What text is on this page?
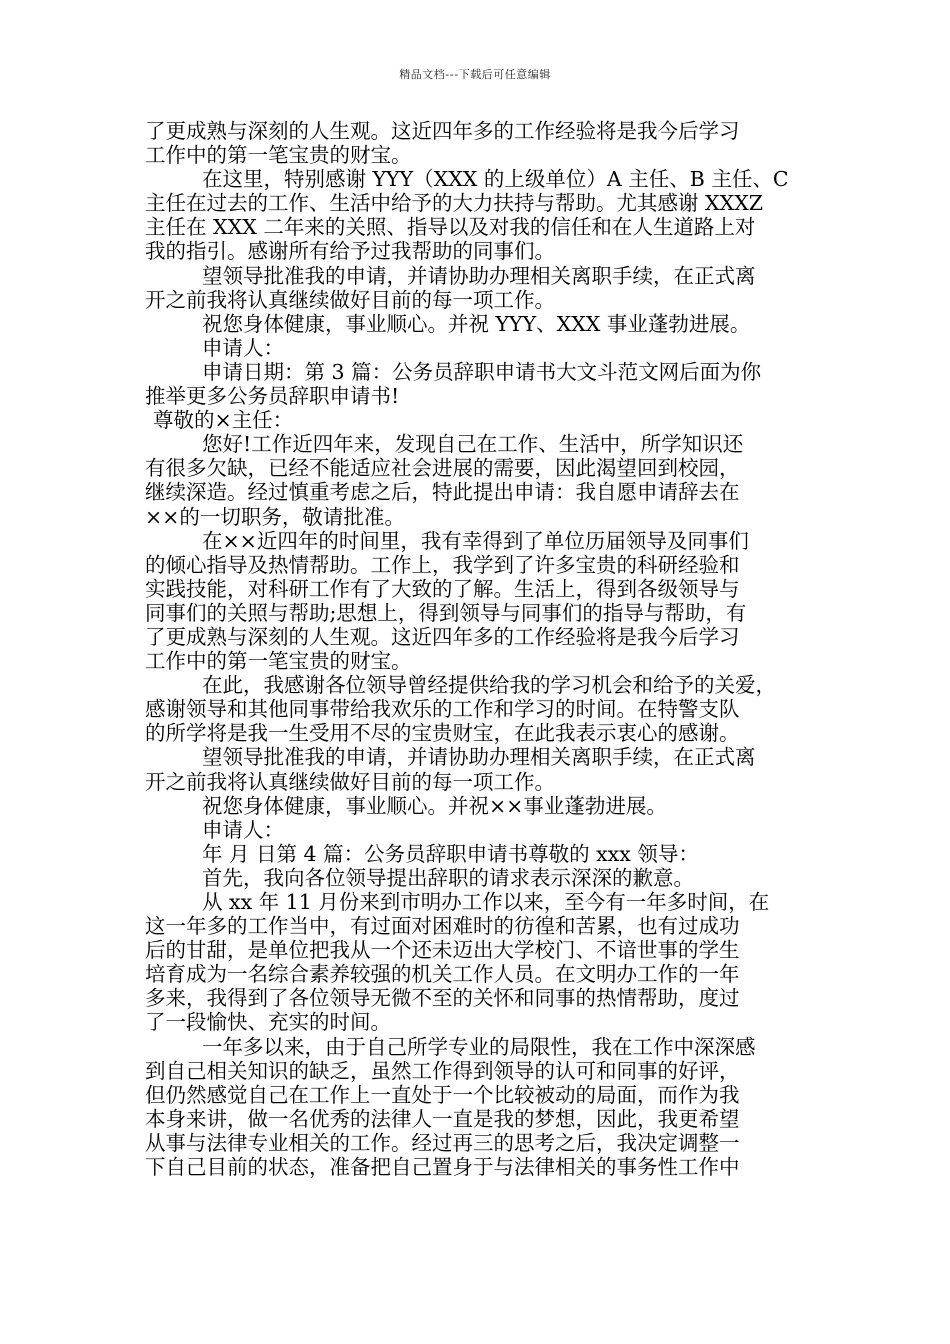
精品文档---下载后可任意编辑
了更成熟与深刻的人生观。这近四年多的工作经验将是我今后学习
工作中的第一笔宝贵的财宝。
在这里，特别感谢 YYY（XXX 的上级单位）A 主任、B 主任、C
主任在过去的工作、生活中给予的大力扶持与帮助。尤其感谢 XXXZ
主任在 XXX 二年来的关照、指导以及对我的信任和在人生道路上对
我的指引。感谢所有给予过我帮助的同事们。
望领导批准我的申请，并请协助办理相关离职手续，在正式离
开之前我将认真继续做好目前的每一项工作。
祝您身体健康，事业顺心。并祝 YYY、XXX 事业蓬勃进展。
申请人：
申请日期：第 3 篇：公务员辞职申请书大文斗范文网后面为你
推举更多公务员辞职申请书!
尊敬的×主任：
您好!工作近四年来，发现自己在工作、生活中，所学知识还
有很多欠缺，已经不能适应社会进展的需要，因此渴望回到校园，
继续深造。经过慎重考虑之后，特此提出申请：我自愿申请辞去在
××的一切职务，敬请批准。
在××近四年的时间里，我有幸得到了单位历届领导及同事们
的倾心指导及热情帮助。工作上，我学到了许多宝贵的科研经验和
实践技能，对科研工作有了大致的了解。生活上，得到各级领导与
同事们的关照与帮助;思想上，得到领导与同事们的指导与帮助，有
了更成熟与深刻的人生观。这近四年多的工作经验将是我今后学习
工作中的第一笔宝贵的财宝。
在此，我感谢各位领导曾经提供给我的学习机会和给予的关爱，
感谢领导和其他同事带给我欢乐的工作和学习的时间。在特警支队
的所学将是我一生受用不尽的宝贵财宝，在此我表示衷心的感谢。
望领导批准我的申请，并请协助办理相关离职手续，在正式离
开之前我将认真继续做好目前的每一项工作。
祝您身体健康，事业顺心。并祝××事业蓬勃进展。
申请人：
年 月 日第 4 篇：公务员辞职申请书尊敬的 xxx 领导：
首先，我向各位领导提出辞职的请求表示深深的歉意。
从 xx 年 11 月份来到市明办工作以来，至今有一年多时间，在
这一年多的工作当中，有过面对困难时的彷徨和苦累，也有过成功
后的甘甜，是单位把我从一个还未迈出大学校门、不谙世事的学生
培育成为一名综合素养较强的机关工作人员。在文明办工作的一年
多来，我得到了各位领导无微不至的关怀和同事的热情帮助，度过
了一段愉快、充实的时间。
一年多以来，由于自己所学专业的局限性，我在工作中深深感
到自己相关知识的缺乏，虽然工作得到领导的认可和同事的好评，
但仍然感觉自己在工作上一直处于一个比较被动的局面，而作为我
本身来讲，做一名优秀的法律人一直是我的梦想，因此，我更希望
从事与法律专业相关的工作。经过再三的思考之后，我决定调整一
下自己目前的状态，准备把自己置身于与法律相关的事务性工作中
